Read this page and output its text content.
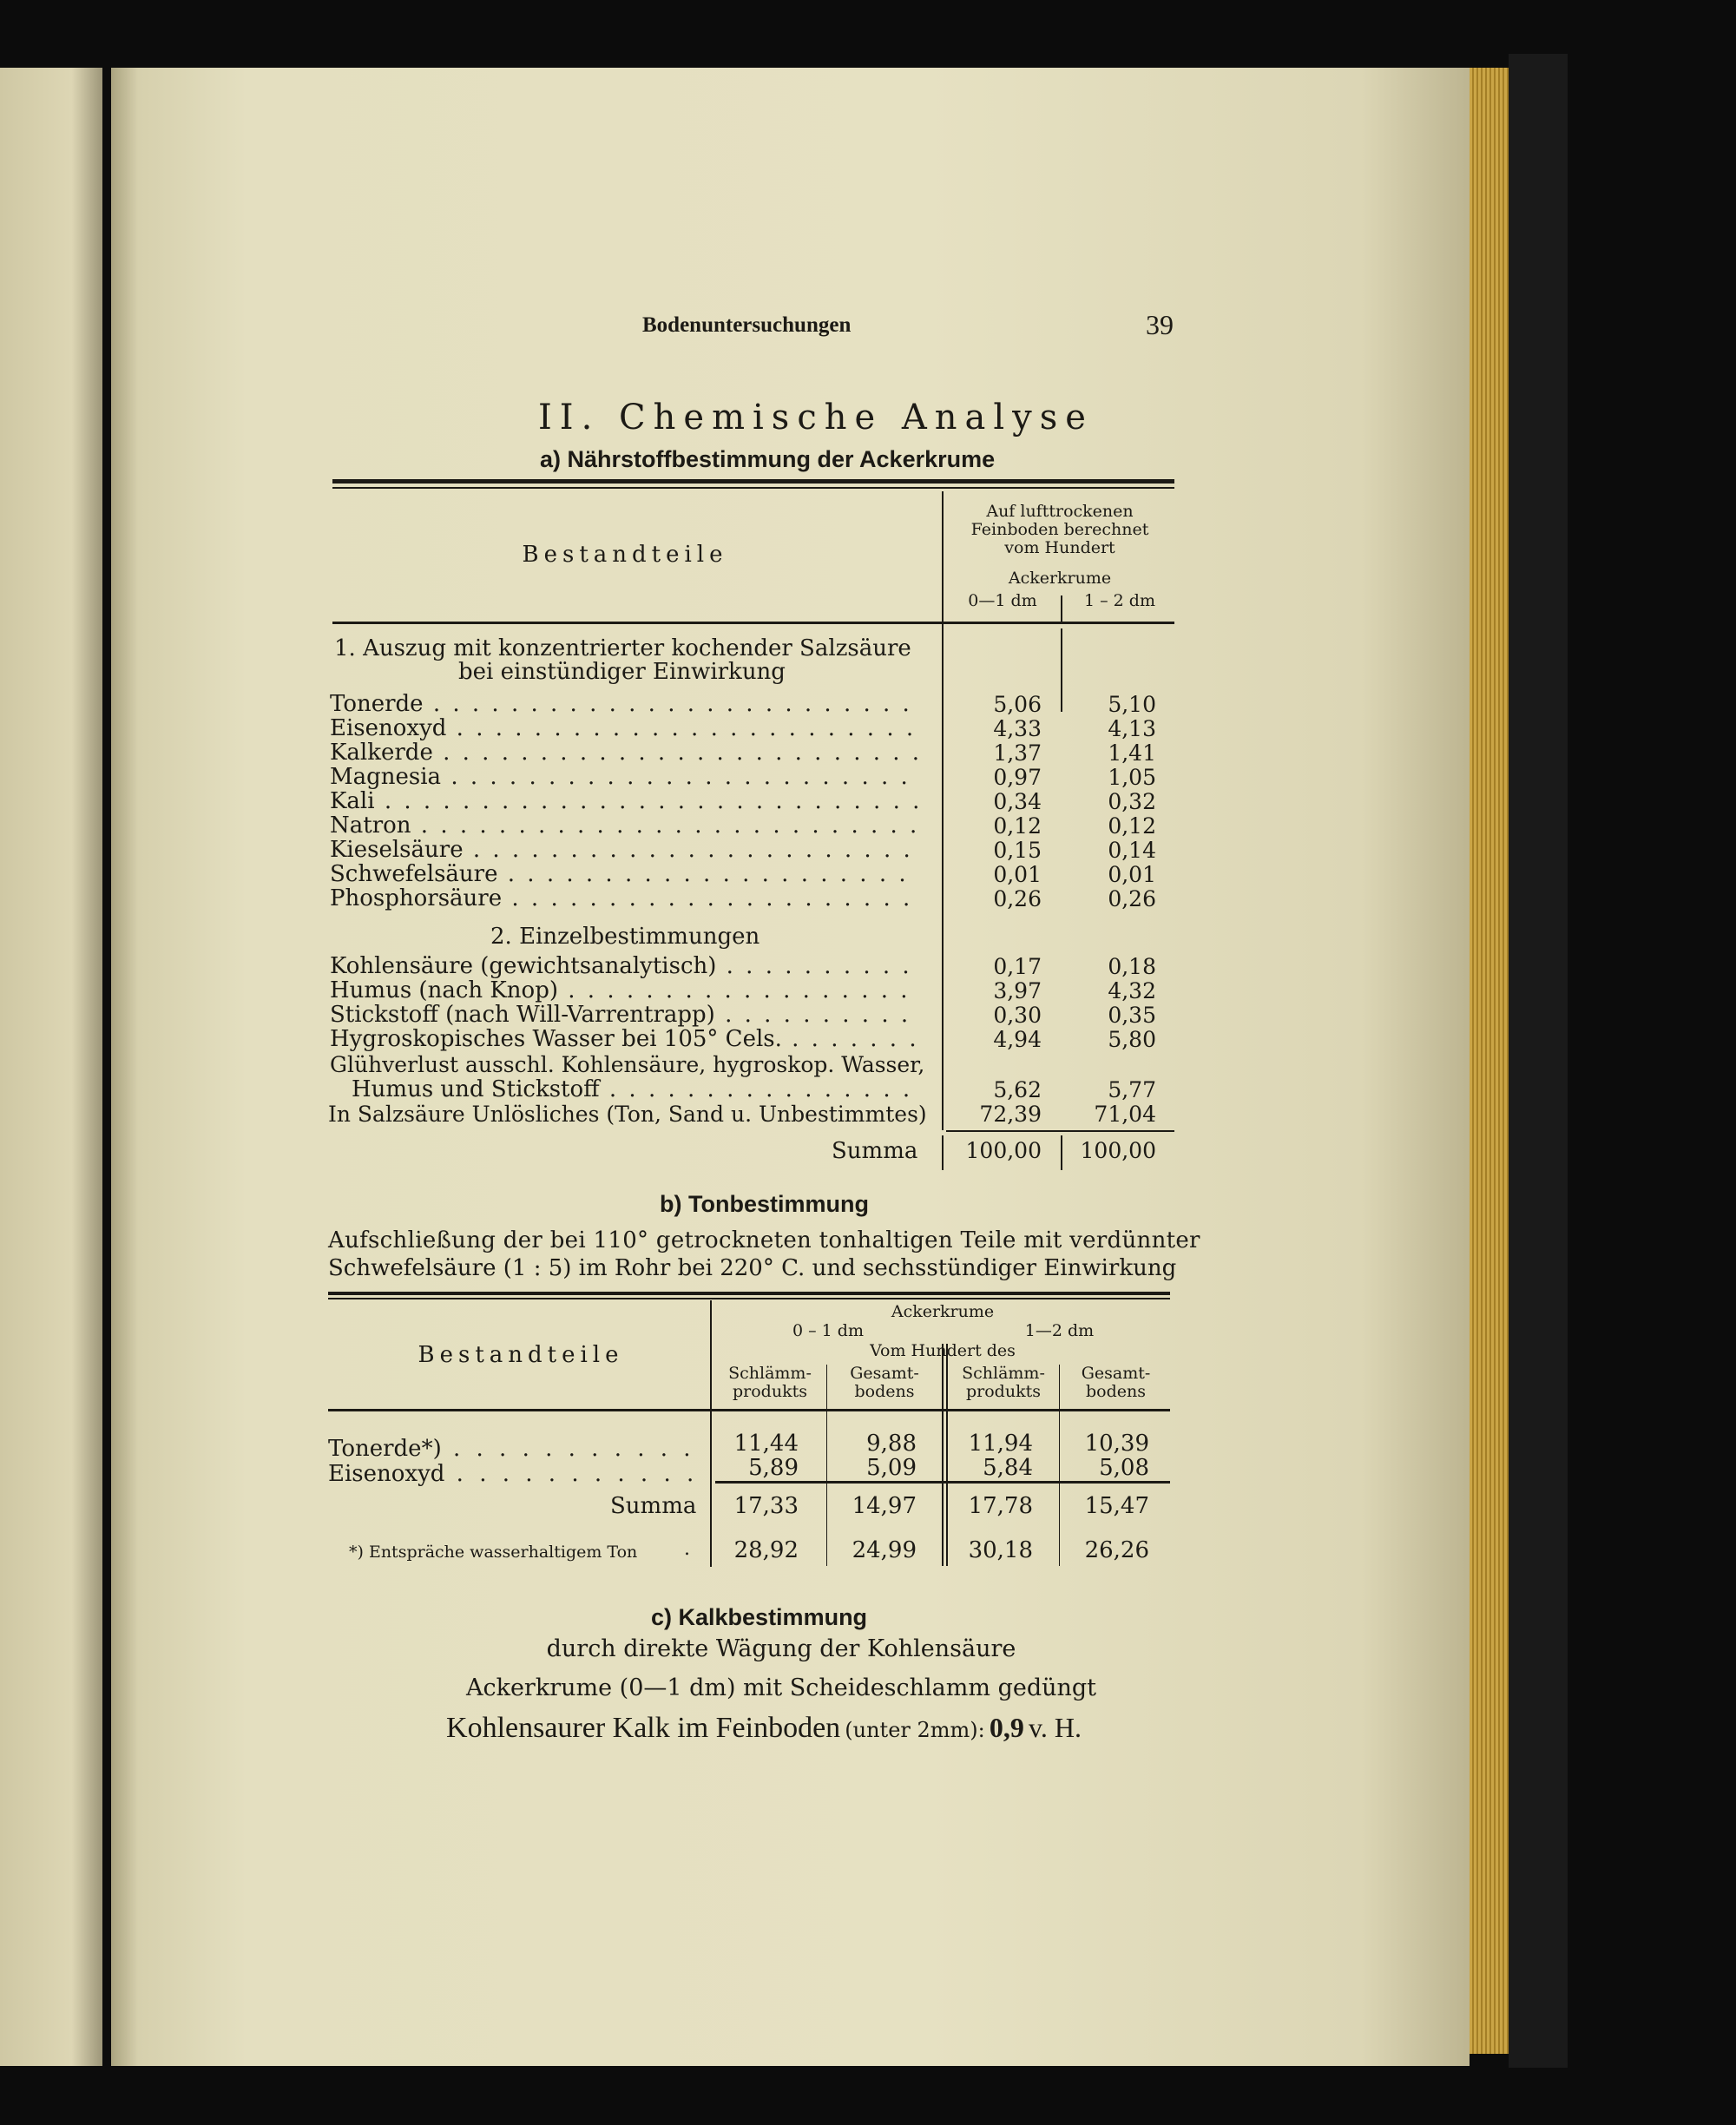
Bodenuntersuchungen	39
II. Chemische Analyse
a) Nährstoffbestimmung der Ackerkrume
Bestandteile
Auf lufttrockenen
Feinboden berechnet
vom Hundert
Ackerkrume
0—1 dm	1 – 2 dm
1. Auszug mit konzentrierter kochender Salzsäure
bei einstündiger Einwirkung
Tonerde . . .	5,06	5,10
Eisenoxyd . . .	4,33	4,13
Kalkerde . . .	1,37	1,41
Magnesia . . .	0,97	1,05
Kali . . .	0,34	0,32
Natron . . .	0,12	0,12
Kieselsäure . . .	0,15	0,14
Schwefelsäure . . .	0,01	0,01
Phosphorsäure . . .	0,26	0,26
2. Einzelbestimmungen
Kohlensäure (gewichtsanalytisch) . . .	0,17	0,18
Humus (nach Knop) . . .	3,97	4,32
Stickstoff (nach Will-Varrentrapp) . . .	0,30	0,35
Hygroskopisches Wasser bei 105° Cels. . . .	4,94	5,80
Glühverlust ausschl. Kohlensäure, hygroskop. Wasser,
Humus und Stickstoff . . .	5,62	5,77
In Salzsäure Unlösliches (Ton, Sand u. Unbestimmtes)	72,39	71,04
Summa	100,00	100,00
b) Tonbestimmung
Aufschließung der bei 110° getrockneten tonhaltigen Teile mit verdünnter
Schwefelsäure (1 : 5) im Rohr bei 220° C. und sechsstündiger Einwirkung
Bestandteile
Ackerkrume
0 – 1 dm	1—2 dm
Vom Hundert des
Schlämm-
produkts
Gesamt-
bodens
Schlämm-
produkts
Gesamt-
bodens
Tonerde*) . . .	11,44	9,88	11,94	10,39
Eisenoxyd . . .	5,89	5,09	5,84	5,08
Summa	17,33	14,97	17,78	15,47
*) Entspräche wasserhaltigem Ton .	28,92	24,99	30,18	26,26
c) Kalkbestimmung
durch direkte Wägung der Kohlensäure
Ackerkrume (0—1 dm) mit Scheideschlamm gedüngt
Kohlensaurer Kalk im Feinboden (unter 2mm): 0,9 v. H.
